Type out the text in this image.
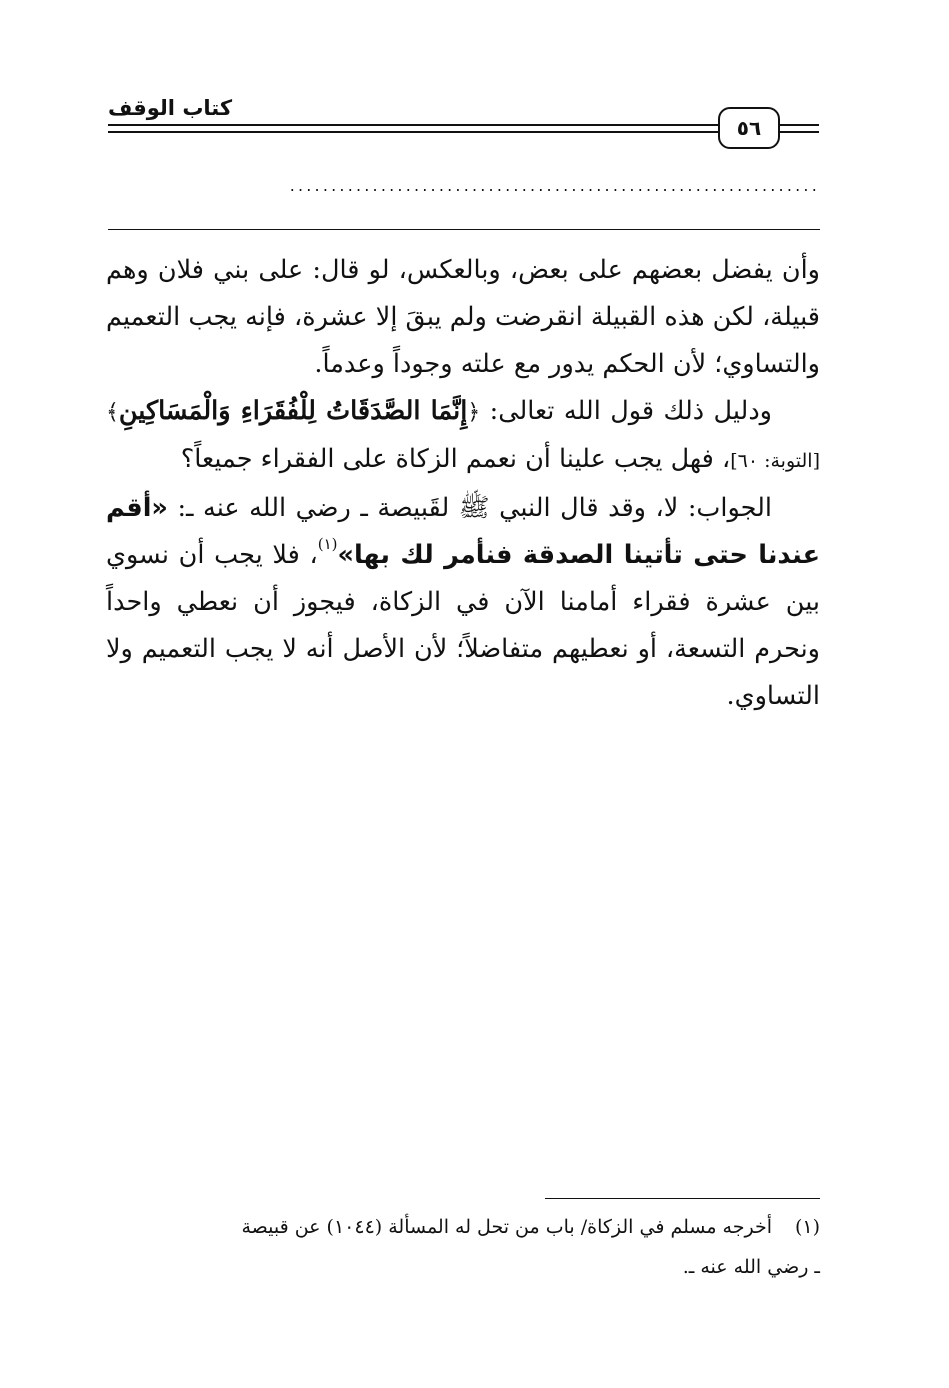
كتاب الوقف
٥٦
................................................................

وأن يفضل بعضهم على بعض، وبالعكس، لو قال: على بني فلان وهم قبيلة، لكن هذه القبيلة انقرضت ولم يبقَ إلا عشرة، فإنه يجب التعميم والتساوي؛ لأن الحكم يدور مع علته وجوداً وعدماً.

ودليل ذلك قول الله تعالى: ﴿إِنَّمَا الصَّدَقَاتُ لِلْفُقَرَاءِ وَالْمَسَاكِينِ﴾ [التوبة: ٦٠]، فهل يجب علينا أن نعمم الزكاة على الفقراء جميعاً؟

الجواب: لا، وقد قال النبي ﷺ لقَبيصة ـ رضي الله عنه ـ: «أقم عندنا حتى تأتينا الصدقة فنأمر لك بها»$^{(١)}$، فلا يجب أن نسوي بين عشرة فقراء أمامنا الآن في الزكاة، فيجوز أن نعطي واحداً ونحرم التسعة، أو نعطيهم متفاضلاً؛ لأن الأصل أنه لا يجب التعميم ولا التساوي.

(١)أخرجه مسلم في الزكاة/ باب من تحل له المسألة (١٠٤٤) عن قبيصة

ـ رضي الله عنه ـ.
